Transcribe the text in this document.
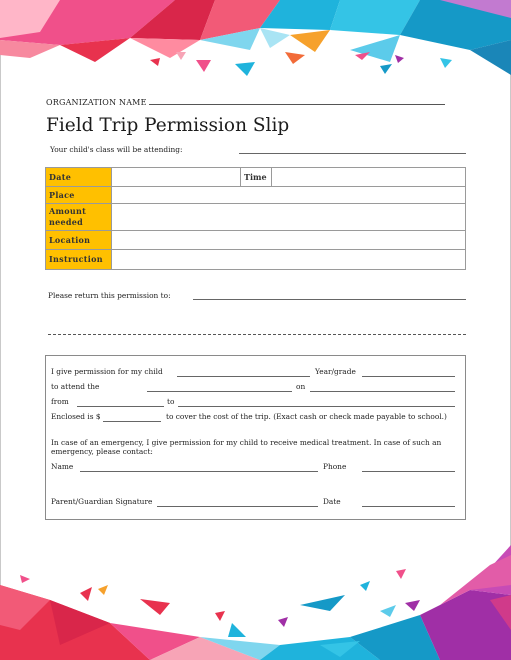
ORGANIZATION NAME
Field Trip Permission Slip
Your child's class will be attending:
Date		Time	
Place			
Amount
needed			
Location			
Instruction			
Please return this permission to:
I give permission for my child	Year/grade
to attend the	on
from	to
Enclosed is $	to cover the cost of the trip. (Exact cash or check made payable to school.)
In case of an emergency, I give permission for my child to receive medical treatment. In case of such an emergency, please contact:
Name	Phone
Parent/Guardian Signature	Date
